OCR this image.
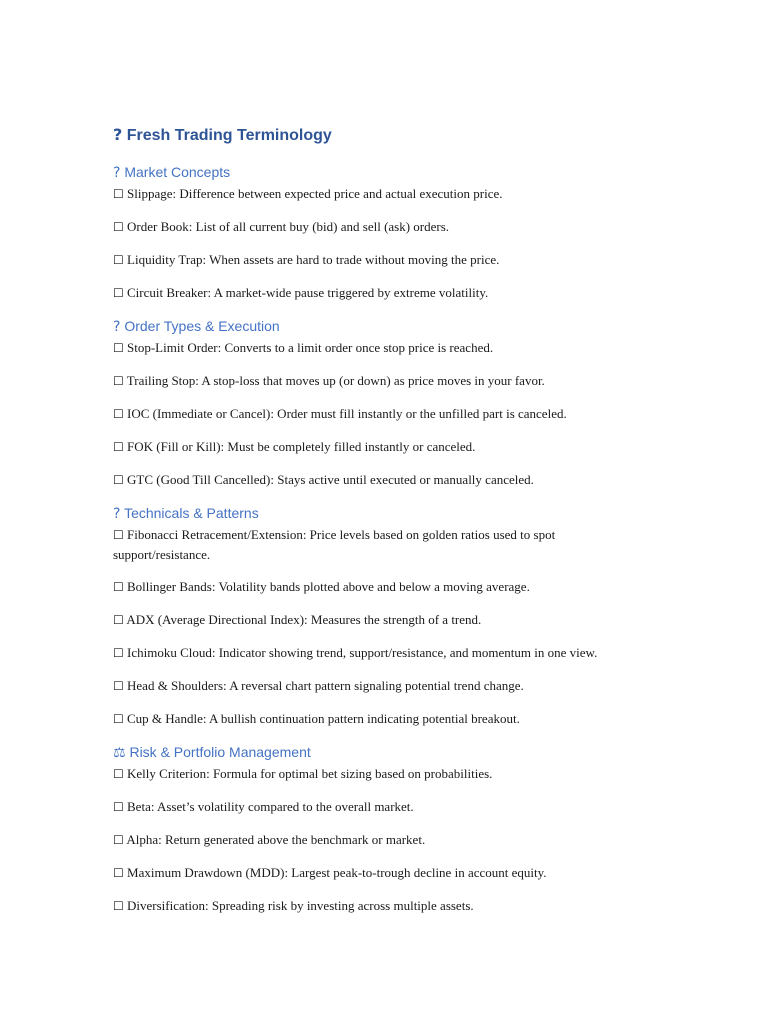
? Fresh Trading Terminology
? Market Concepts
☐ Slippage: Difference between expected price and actual execution price.
☐ Order Book: List of all current buy (bid) and sell (ask) orders.
☐ Liquidity Trap: When assets are hard to trade without moving the price.
☐ Circuit Breaker: A market-wide pause triggered by extreme volatility.
? Order Types & Execution
☐ Stop-Limit Order: Converts to a limit order once stop price is reached.
☐ Trailing Stop: A stop-loss that moves up (or down) as price moves in your favor.
☐ IOC (Immediate or Cancel): Order must fill instantly or the unfilled part is canceled.
☐ FOK (Fill or Kill): Must be completely filled instantly or canceled.
☐ GTC (Good Till Cancelled): Stays active until executed or manually canceled.
? Technicals & Patterns
☐ Fibonacci Retracement/Extension: Price levels based on golden ratios used to spot support/resistance.
☐ Bollinger Bands: Volatility bands plotted above and below a moving average.
☐ ADX (Average Directional Index): Measures the strength of a trend.
☐ Ichimoku Cloud: Indicator showing trend, support/resistance, and momentum in one view.
☐ Head & Shoulders: A reversal chart pattern signaling potential trend change.
☐ Cup & Handle: A bullish continuation pattern indicating potential breakout.
⚖ Risk & Portfolio Management
☐ Kelly Criterion: Formula for optimal bet sizing based on probabilities.
☐ Beta: Asset’s volatility compared to the overall market.
☐ Alpha: Return generated above the benchmark or market.
☐ Maximum Drawdown (MDD): Largest peak-to-trough decline in account equity.
☐ Diversification: Spreading risk by investing across multiple assets.
